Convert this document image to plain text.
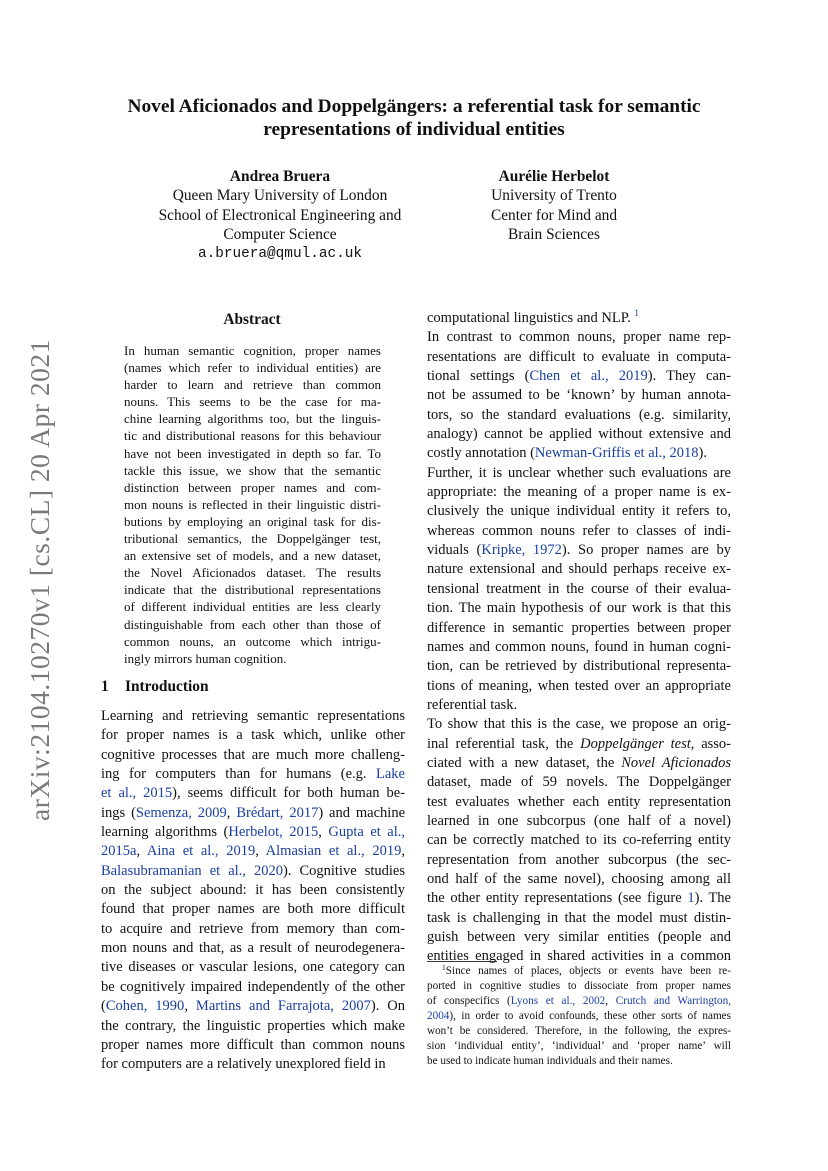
arXiv:2104.10270v1 [cs.CL] 20 Apr 2021
Novel Aficionados and Doppelgängers: a referential task for semantic
representations of individual entities
Andrea Bruera
Queen Mary University of London
School of Electronical Engineering and
Computer Science
a.bruera@qmul.ac.uk
Aurélie Herbelot
University of Trento
Center for Mind and
Brain Sciences
Abstract
In human semantic cognition, proper names
(names which refer to individual entities) are
harder to learn and retrieve than common
nouns. This seems to be the case for ma-
chine learning algorithms too, but the linguis-
tic and distributional reasons for this behaviour
have not been investigated in depth so far. To
tackle this issue, we show that the semantic
distinction between proper names and com-
mon nouns is reflected in their linguistic distri-
butions by employing an original task for dis-
tributional semantics, the Doppelgänger test,
an extensive set of models, and a new dataset,
the Novel Aficionados dataset. The results
indicate that the distributional representations
of different individual entities are less clearly
distinguishable from each other than those of
common nouns, an outcome which intrigu-
ingly mirrors human cognition.
1 Introduction
Learning and retrieving semantic representations
for proper names is a task which, unlike other
cognitive processes that are much more challeng-
ing for computers than for humans (e.g. Lake
et al., 2015), seems difficult for both human be-
ings (Semenza, 2009, Brédart, 2017) and machine
learning algorithms (Herbelot, 2015, Gupta et al.,
2015a, Aina et al., 2019, Almasian et al., 2019,
Balasubramanian et al., 2020). Cognitive studies
on the subject abound: it has been consistently
found that proper names are both more difficult
to acquire and retrieve from memory than com-
mon nouns and that, as a result of neurodegenera-
tive diseases or vascular lesions, one category can
be cognitively impaired independently of the other
(Cohen, 1990, Martins and Farrajota, 2007). On
the contrary, the linguistic properties which make
proper names more difficult than common nouns
for computers are a relatively unexplored field in
computational linguistics and NLP. $^1$
In contrast to common nouns, proper name rep-
resentations are difficult to evaluate in computa-
tional settings (Chen et al., 2019). They can-
not be assumed to be ‘known’ by human annota-
tors, so the standard evaluations (e.g. similarity,
analogy) cannot be applied without extensive and
costly annotation (Newman-Griffis et al., 2018).
Further, it is unclear whether such evaluations are
appropriate: the meaning of a proper name is ex-
clusively the unique individual entity it refers to,
whereas common nouns refer to classes of indi-
viduals (Kripke, 1972). So proper names are by
nature extensional and should perhaps receive ex-
tensional treatment in the course of their evalua-
tion. The main hypothesis of our work is that this
difference in semantic properties between proper
names and common nouns, found in human cogni-
tion, can be retrieved by distributional representa-
tions of meaning, when tested over an appropriate
referential task.
To show that this is the case, we propose an orig-
inal referential task, the Doppelgänger test, asso-
ciated with a new dataset, the Novel Aficionados
dataset, made of 59 novels. The Doppelgänger
test evaluates whether each entity representation
learned in one subcorpus (one half of a novel)
can be correctly matched to its co-referring entity
representation from another subcorpus (the sec-
ond half of the same novel), choosing among all
the other entity representations (see figure 1). The
task is challenging in that the model must distin-
guish between very similar entities (people and
entities engaged in shared activities in a common
$^1$Since names of places, objects or events have been re-
ported in cognitive studies to dissociate from proper names
of conspecifics (Lyons et al., 2002, Crutch and Warrington,
2004), in order to avoid confounds, these other sorts of names
won’t be considered. Therefore, in the following, the expres-
sion ‘individual entity’, ‘individual’ and ‘proper name’ will
be used to indicate human individuals and their names.
